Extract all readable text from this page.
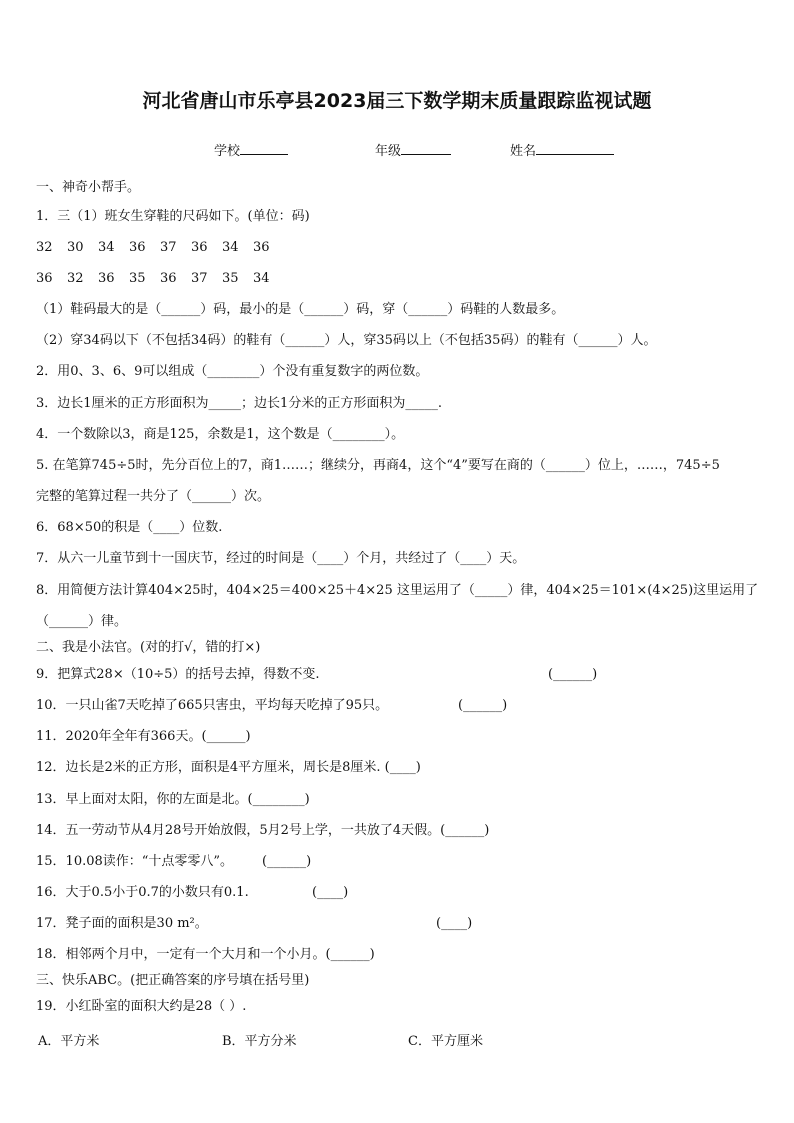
河北省唐山市乐亭县2023届三下数学期末质量跟踪监视试题
学校	年级	姓名
一、神奇小帮手。
1．三（1）班女生穿鞋的尺码如下。(单位：码)
32 30 34 36 37 36 34 36
36 32 36 35 36 37 35 34
（1）鞋码最大的是（______）码，最小的是（______）码，穿（______）码鞋的人数最多。
（2）穿34码以下（不包括34码）的鞋有（______）人，穿35码以上（不包括35码）的鞋有（______）人。
2．用0、3、6、9可以组成（________）个没有重复数字的两位数。
3．边长1厘米的正方形面积为_____；边长1分米的正方形面积为_____.
4．一个数除以3，商是125，余数是1，这个数是（________）。
5. 在笔算745÷5时，先分百位上的7，商1……；继续分，再商4，这个“4”要写在商的（______）位上，……，745÷5
完整的笔算过程一共分了（______）次。
6．68×50的积是（____）位数.
7．从六一儿童节到十一国庆节，经过的时间是（____）个月，共经过了（____）天。
8．用简便方法计算404×25时，404×25＝400×25＋4×25 这里运用了（_____）律，404×25＝101×(4×25)这里运用了
（______）律。
二、我是小法官。(对的打√，错的打×)
9．把算式28×（10÷5）的括号去掉，得数不变.	(______)
10．一只山雀7天吃掉了665只害虫，平均每天吃掉了95只。	(______)
11．2020年全年有366天。(______)
12．边长是2米的正方形，面积是4平方厘米，周长是8厘米. (____)
13．早上面对太阳，你的左面是北。(________)
14．五一劳动节从4月28号开始放假，5月2号上学，一共放了4天假。(______)
15．10.08读作：“十点零零八”。 (______)
16．大于0.5小于0.7的小数只有0.1.	(____)
17．凳子面的面积是30 m²。	(____)
18．相邻两个月中，一定有一个大月和一个小月。(______)
三、快乐ABC。(把正确答案的序号填在括号里)
19．小红卧室的面积大约是28（ ）.
A．平方米	B．平方分米	C．平方厘米
